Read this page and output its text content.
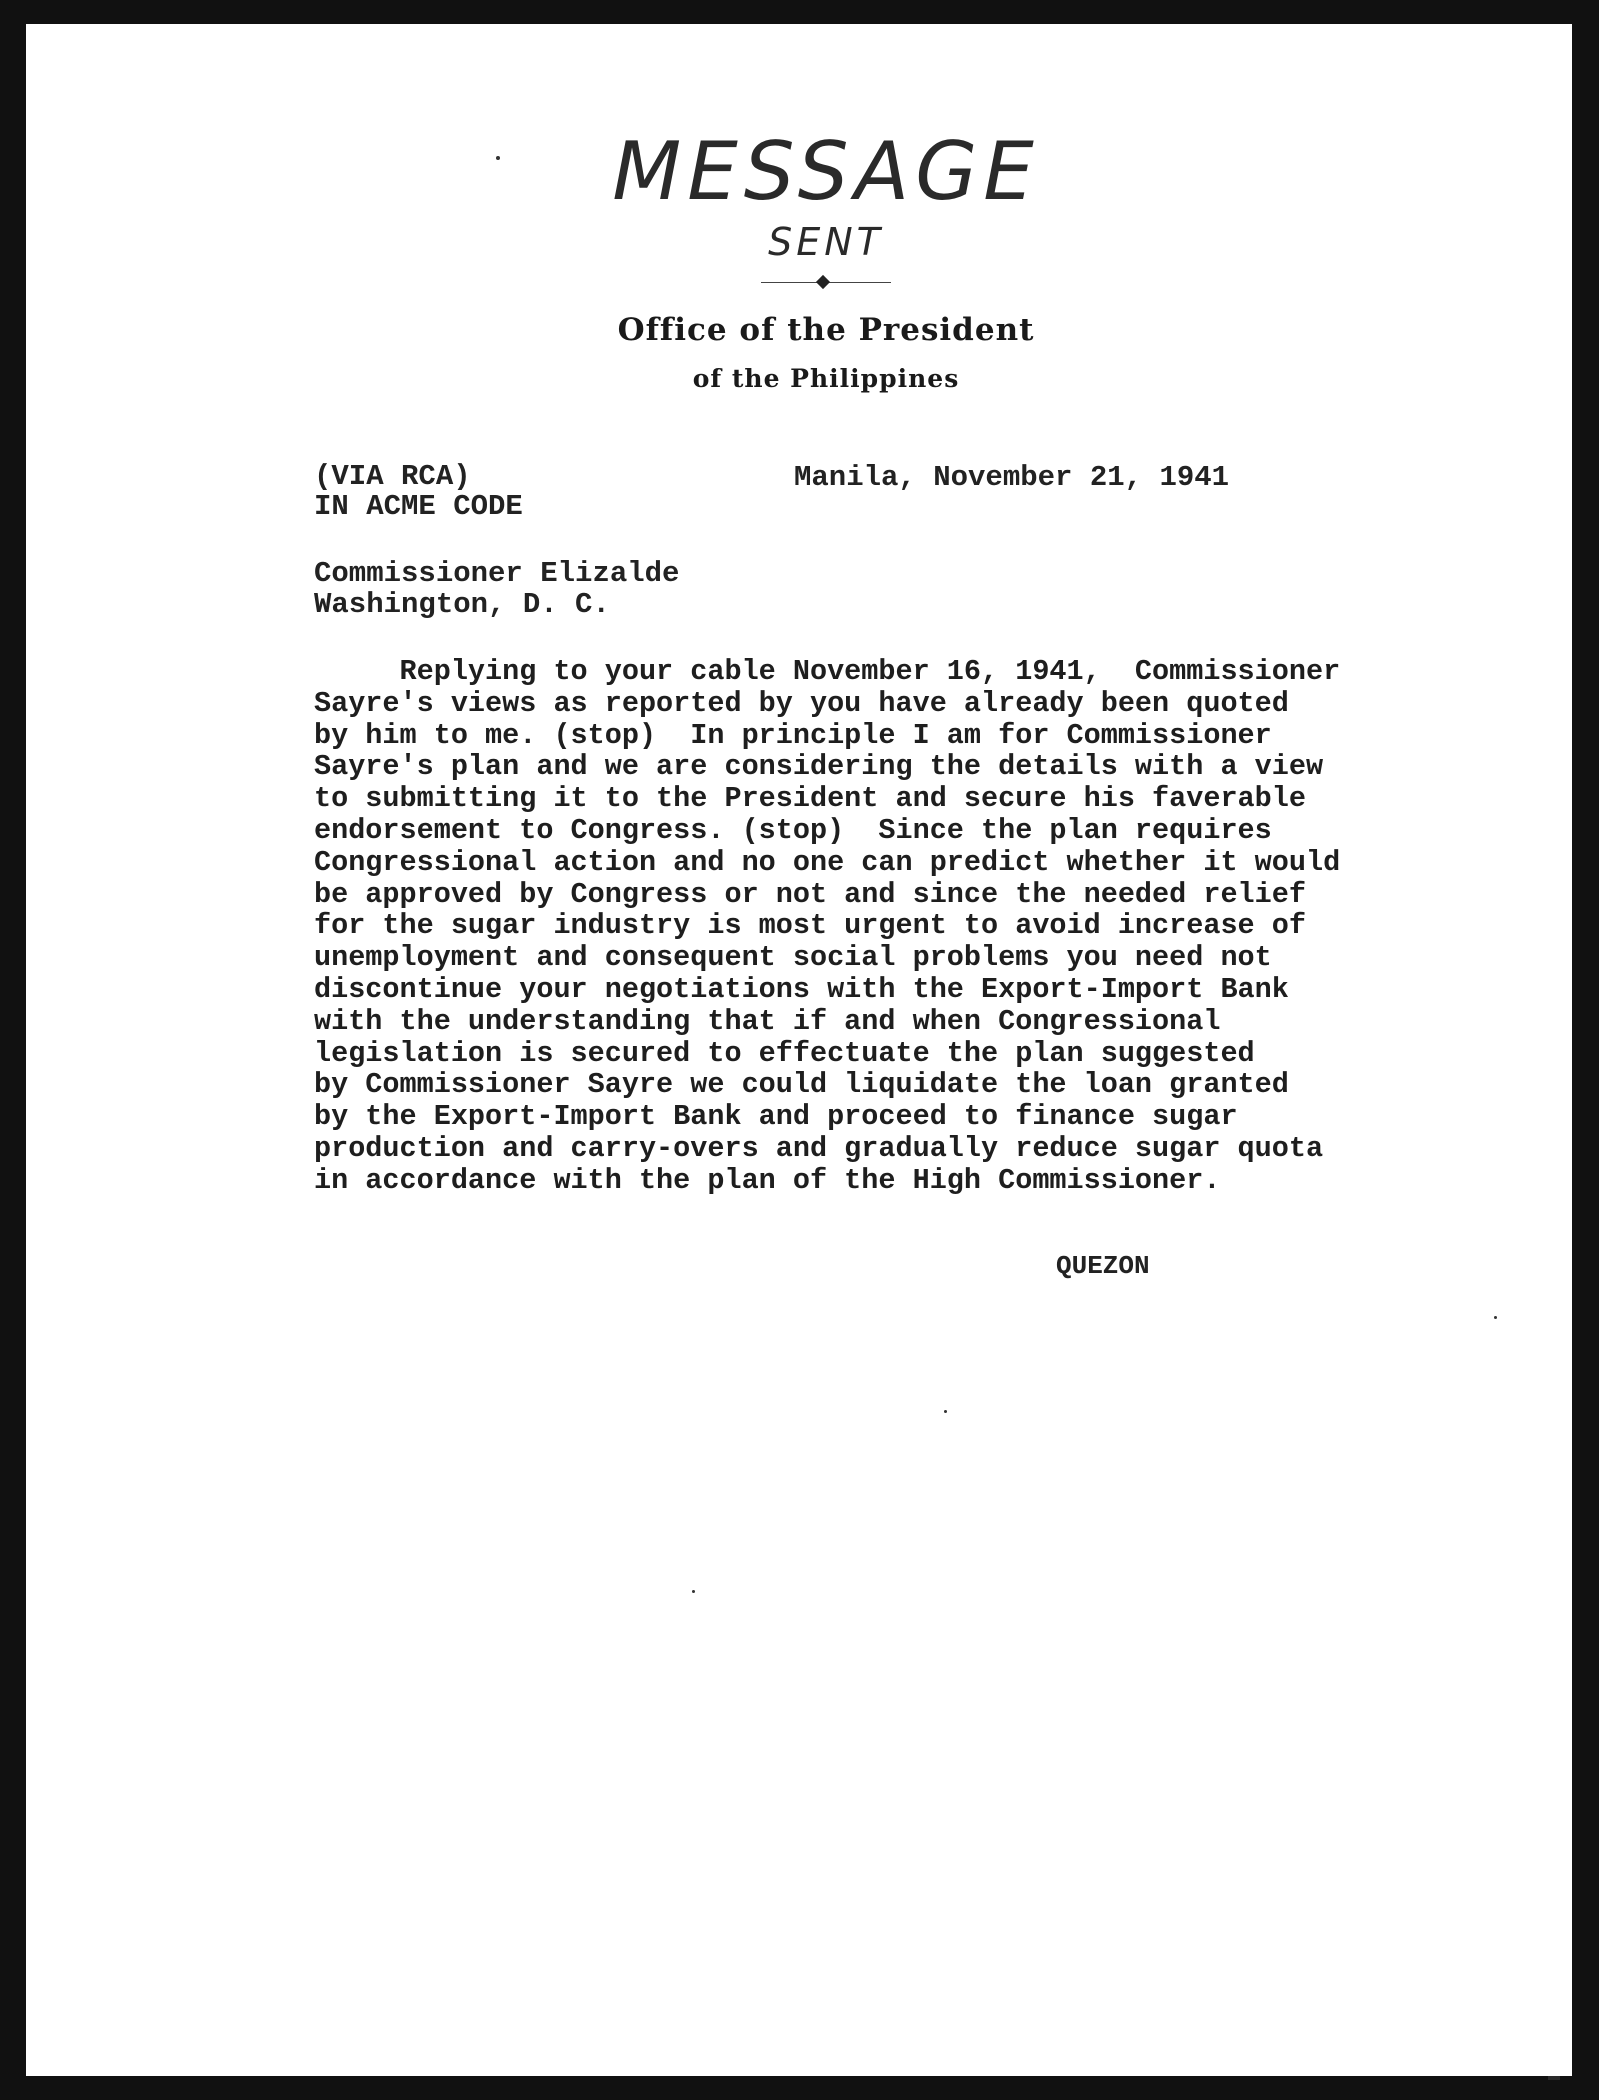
MESSAGE
SENT
Office of the President
of the Philippines
(VIA RCA)
IN ACME CODE
Manila, November 21, 1941
Commissioner Elizalde
Washington, D. C.
Replying to your cable November 16, 1941,  Commissioner
Sayre's views as reported by you have already been quoted
by him to me. (stop)  In principle I am for Commissioner
Sayre's plan and we are considering the details with a view
to submitting it to the President and secure his faverable
endorsement to Congress. (stop)  Since the plan requires
Congressional action and no one can predict whether it would
be approved by Congress or not and since the needed relief
for the sugar industry is most urgent to avoid increase of
unemployment and consequent social problems you need not
discontinue your negotiations with the Export-Import Bank
with the understanding that if and when Congressional
legislation is secured to effectuate the plan suggested
by Commissioner Sayre we could liquidate the loan granted
by the Export-Import Bank and proceed to finance sugar
production and carry-overs and gradually reduce sugar quota
in accordance with the plan of the High Commissioner.
QUEZON
